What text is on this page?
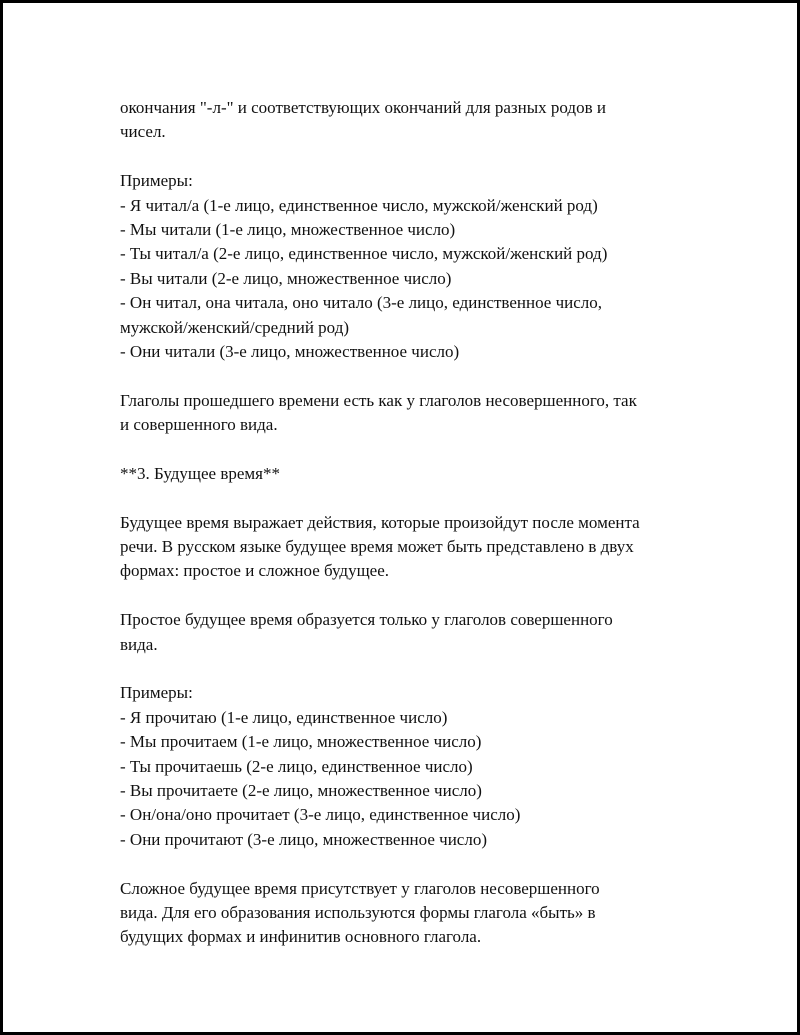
окончания "-л-" и соответствующих окончаний для разных родов и
чисел.
Примеры:
- Я читал/а (1-е лицо, единственное число, мужской/женский род)
- Мы читали (1-е лицо, множественное число)
- Ты читал/а (2-е лицо, единственное число, мужской/женский род)
- Вы читали (2-е лицо, множественное число)
- Он читал, она читала, оно читало (3-е лицо, единственное число,
мужской/женский/средний род)
- Они читали (3-е лицо, множественное число)
Глаголы прошедшего времени есть как у глаголов несовершенного, так
и совершенного вида.
**3. Будущее время**
Будущее время выражает действия, которые произойдут после момента
речи. В русском языке будущее время может быть представлено в двух
формах: простое и сложное будущее.
Простое будущее время образуется только у глаголов совершенного
вида.
Примеры:
- Я прочитаю (1-е лицо, единственное число)
- Мы прочитаем (1-е лицо, множественное число)
- Ты прочитаешь (2-е лицо, единственное число)
- Вы прочитаете (2-е лицо, множественное число)
- Он/она/оно прочитает (3-е лицо, единственное число)
- Они прочитают (3-е лицо, множественное число)
Сложное будущее время присутствует у глаголов несовершенного
вида. Для его образования используются формы глагола «быть» в
будущих формах и инфинитив основного глагола.
